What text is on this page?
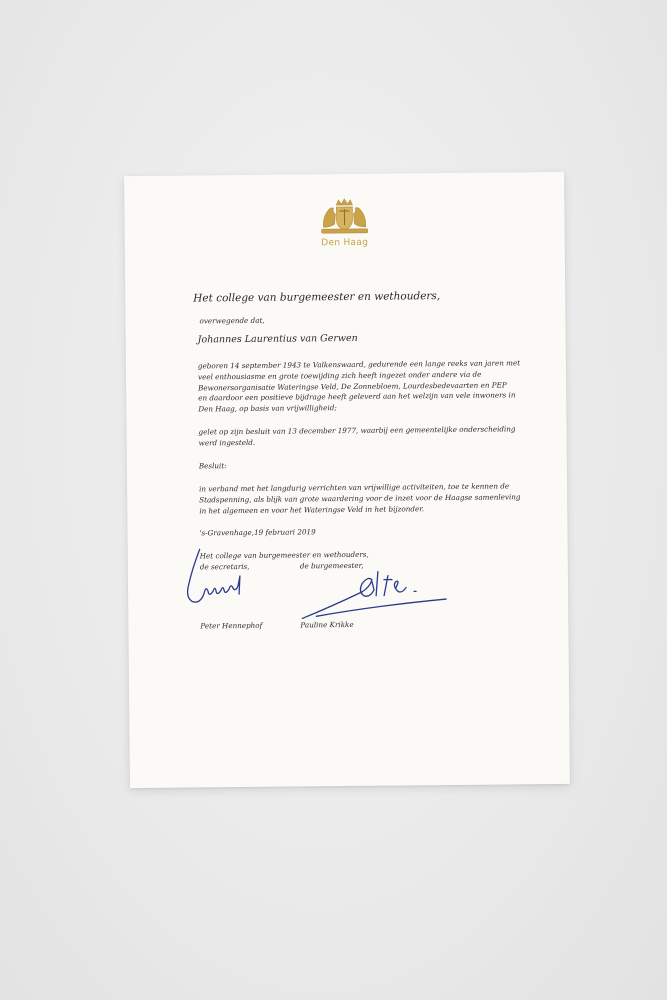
Den Haag
Het college van burgemeester en wethouders,
overwegende dat,
Johannes Laurentius van Gerwen
geboren 14 september 1943 te Valkenswaard, gedurende een lange reeks van jaren met
veel enthousiasme en grote toewijding zich heeft ingezet onder andere via de
Bewonersorganisatie Wateringse Veld, De Zonnebloem, Lourdesbedevaarten en PEP
en daardoor een positieve bijdrage heeft geleverd aan het welzijn van vele inwoners in
Den Haag, op basis van vrijwilligheid;
gelet op zijn besluit van 13 december 1977, waarbij een gemeentelijke onderscheiding
werd ingesteld.
Besluit:
in verband met het langdurig verrichten van vrijwillige activiteiten, toe te kennen de
Stadspenning, als blijk van grote waardering voor de inzet voor de Haagse samenleving
in het algemeen en voor het Wateringse Veld in het bijzonder.
's-Gravenhage,19 februari 2019
Het college van burgemeester en wethouders,
de secretaris,	de burgemeester,
Peter Hennephof	Pauline Krikke
